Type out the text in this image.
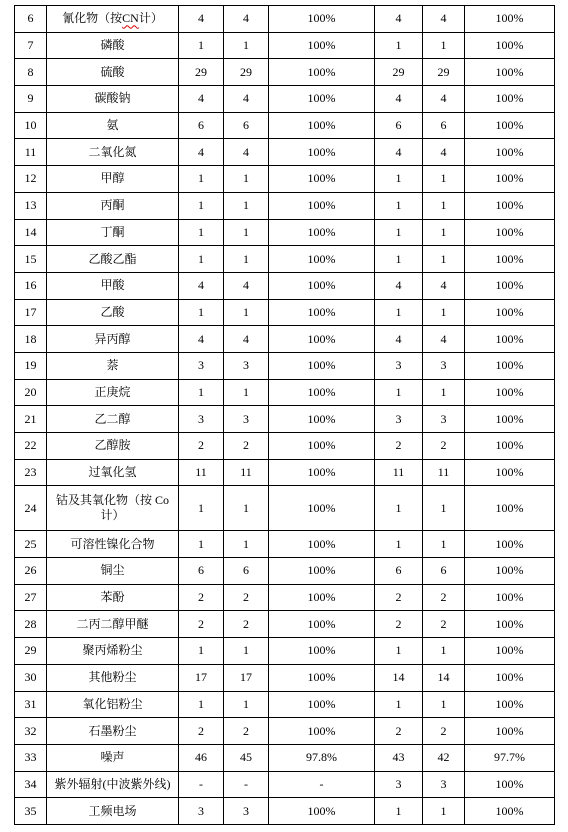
6	氰化物（按CN计）	4	4	100%	4	4	100%
7	磷酸	1	1	100%	1	1	100%
8	硫酸	29	29	100%	29	29	100%
9	碳酸钠	4	4	100%	4	4	100%
10	氨	6	6	100%	6	6	100%
11	二氧化氮	4	4	100%	4	4	100%
12	甲醇	1	1	100%	1	1	100%
13	丙酮	1	1	100%	1	1	100%
14	丁酮	1	1	100%	1	1	100%
15	乙酸乙酯	1	1	100%	1	1	100%
16	甲酸	4	4	100%	4	4	100%
17	乙酸	1	1	100%	1	1	100%
18	异丙醇	4	4	100%	4	4	100%
19	萘	3	3	100%	3	3	100%
20	正庚烷	1	1	100%	1	1	100%
21	乙二醇	3	3	100%	3	3	100%
22	乙醇胺	2	2	100%	2	2	100%
23	过氧化氢	11	11	100%	11	11	100%
24	钴及其氧化物（按 Co 计）	1	1	100%	1	1	100%
25	可溶性镍化合物	1	1	100%	1	1	100%
26	铜尘	6	6	100%	6	6	100%
27	苯酚	2	2	100%	2	2	100%
28	二丙二醇甲醚	2	2	100%	2	2	100%
29	聚丙烯粉尘	1	1	100%	1	1	100%
30	其他粉尘	17	17	100%	14	14	100%
31	氧化铝粉尘	1	1	100%	1	1	100%
32	石墨粉尘	2	2	100%	2	2	100%
33	噪声	46	45	97.8%	43	42	97.7%
34	紫外辐射(中波紫外线)	-	-	-	3	3	100%
35	工频电场	3	3	100%	1	1	100%
